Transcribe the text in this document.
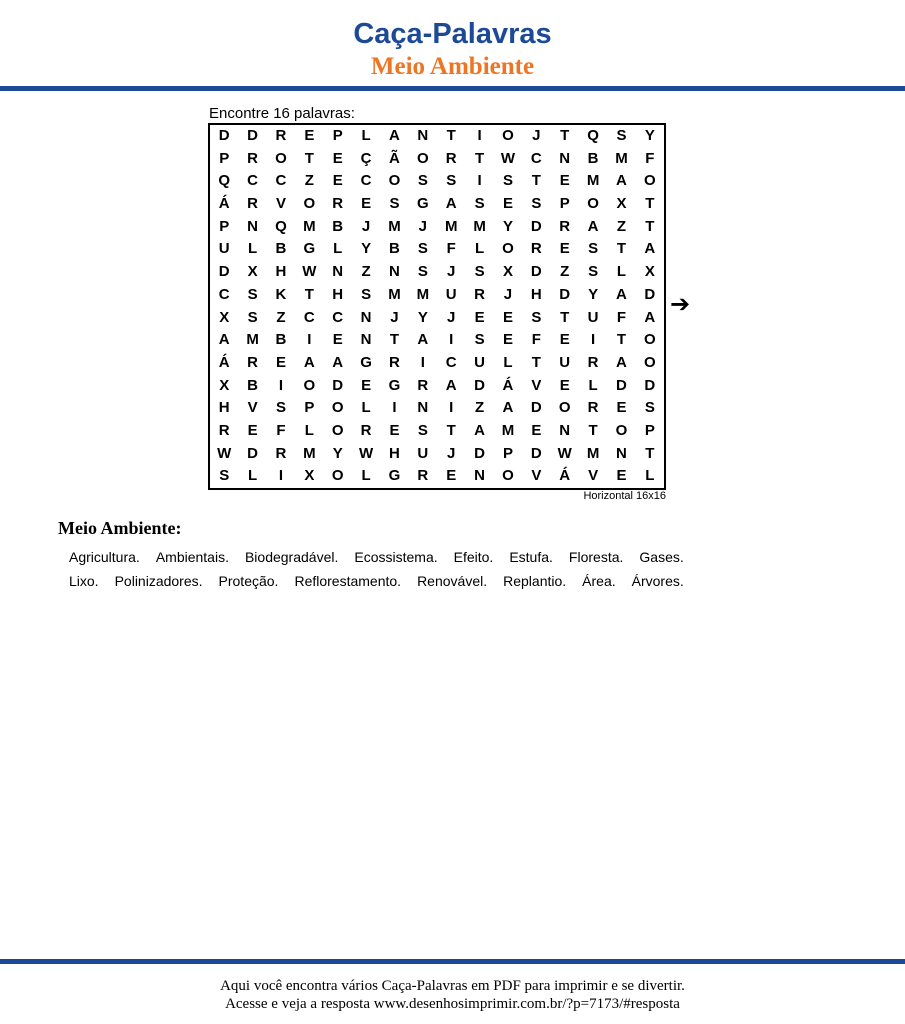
Caça-Palavras
Meio Ambiente
Encontre 16 palavras:
D	D	R	E	P	L	A	N	T	I	O	J	T	Q	S	Y
P	R	O	T	E	Ç	Ã	O	R	T	W	C	N	B	M	F
Q	C	C	Z	E	C	O	S	S	I	S	T	E	M	A	O
Á	R	V	O	R	E	S	G	A	S	E	S	P	O	X	T
P	N	Q	M	B	J	M	J	M	M	Y	D	R	A	Z	T
U	L	B	G	L	Y	B	S	F	L	O	R	E	S	T	A
D	X	H	W	N	Z	N	S	J	S	X	D	Z	S	L	X
C	S	K	T	H	S	M	M	U	R	J	H	D	Y	A	D
X	S	Z	C	C	N	J	Y	J	E	E	S	T	U	F	A
A	M	B	I	E	N	T	A	I	S	E	F	E	I	T	O
Á	R	E	A	A	G	R	I	C	U	L	T	U	R	A	O
X	B	I	O	D	E	G	R	A	D	Á	V	E	L	D	D
H	V	S	P	O	L	I	N	I	Z	A	D	O	R	E	S
R	E	F	L	O	R	E	S	T	A	M	E	N	T	O	P
W	D	R	M	Y	W	H	U	J	D	P	D	W	M	N	T
S	L	I	X	O	L	G	R	E	N	O	V	Á	V	E	L
➔
Horizontal 16x16
Meio Ambiente:
Agricultura. Ambientais. Biodegradável. Ecossistema. Efeito. Estufa. Floresta. Gases.
Lixo. Polinizadores. Proteção. Reflorestamento. Renovável. Replantio. Área. Árvores.
Aqui você encontra vários Caça-Palavras em PDF para imprimir e se divertir.
Acesse e veja a resposta www.desenhosimprimir.com.br/?p=7173/#resposta
